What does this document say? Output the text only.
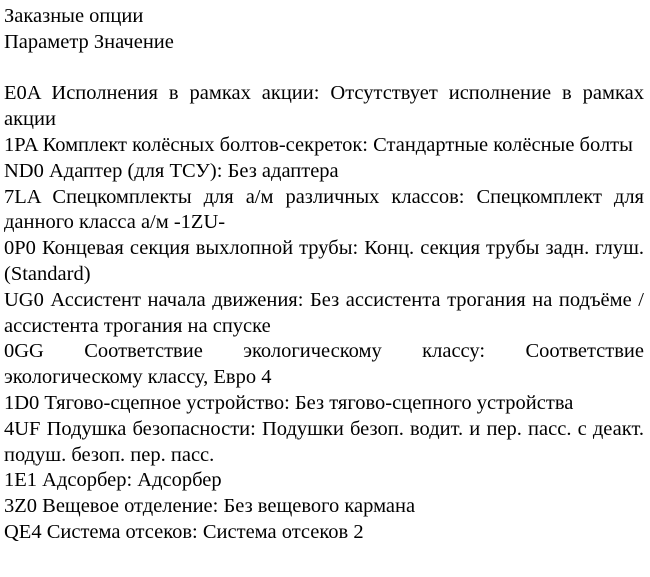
Заказные опции
Параметр Значение

E0A Исполнения в рамках акции: Отсутствует исполнение в рамках акции

1PA Комплект колёсных болтов-секреток: Стандартные колёсные болты

ND0 Адаптер (для ТСУ): Без адаптера

7LA Спецкомплекты для а/м различных классов: Спецкомплект для данного класса а/м -1ZU-

0P0 Концевая секция выхлопной трубы: Конц. секция трубы задн. глуш. (Standard)

UG0 Ассистент начала движения: Без ассистента трогания на подъёме / ассистента трогания на спуске

0GG Соответствие экологическому классу: Соответствие экологическому классу, Евро 4

1D0 Тягово-сцепное устройство: Без тягово-сцепного устройства

4UF Подушка безопасности: Подушки безоп. водит. и пер. пасс. с деакт. подуш. безоп. пер. пасс.

1E1 Адсорбер: Адсорбер

3Z0 Вещевое отделение: Без вещевого кармана

QE4 Система отсеков: Система отсеков 2
